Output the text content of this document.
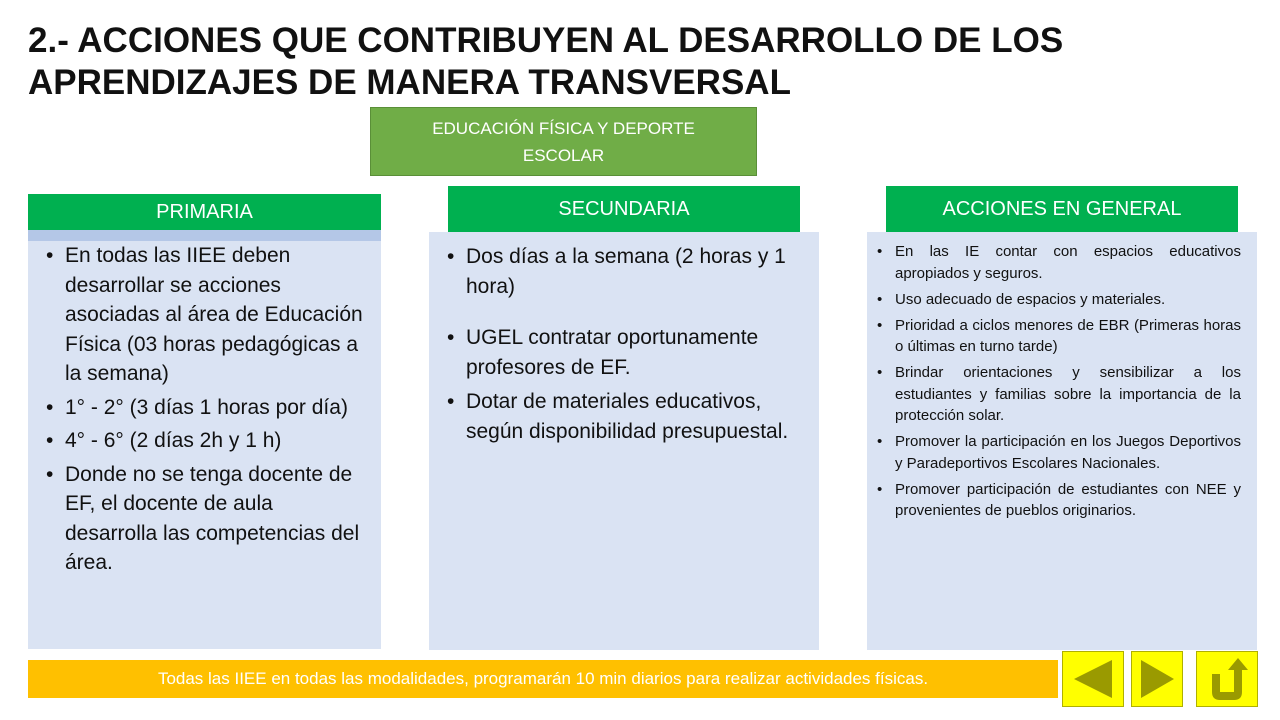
2.- ACCIONES QUE CONTRIBUYEN AL DESARROLLO DE LOS APRENDIZAJES DE MANERA TRANSVERSAL
EDUCACIÓN FÍSICA Y DEPORTE ESCOLAR
PRIMARIA
• En todas las IIEE deben desarrollar se acciones asociadas al área de Educación Física (03 horas pedagógicas a la semana)
• 1° - 2° (3 días 1 horas por día)
• 4° - 6° (2 días 2h y 1 h)
• Donde no se tenga docente de EF, el docente de aula desarrolla las competencias del área.
SECUNDARIA
• Dos días a la semana (2 horas y 1 hora)
• UGEL contratar oportunamente profesores de EF.
• Dotar de materiales educativos, según disponibilidad presupuestal.
ACCIONES EN GENERAL
• En las IE contar con espacios educativos apropiados y seguros.
• Uso adecuado de espacios y materiales.
• Prioridad a ciclos menores de EBR (Primeras horas o últimas en turno tarde)
• Brindar orientaciones y sensibilizar a los estudiantes y familias sobre la importancia de la protección solar.
• Promover la participación en los Juegos Deportivos y Paradeportivos Escolares Nacionales.
• Promover participación de estudiantes con NEE y provenientes de pueblos originarios.
Todas las IIEE en todas las modalidades, programarán 10 min diarios para realizar actividades físicas.
